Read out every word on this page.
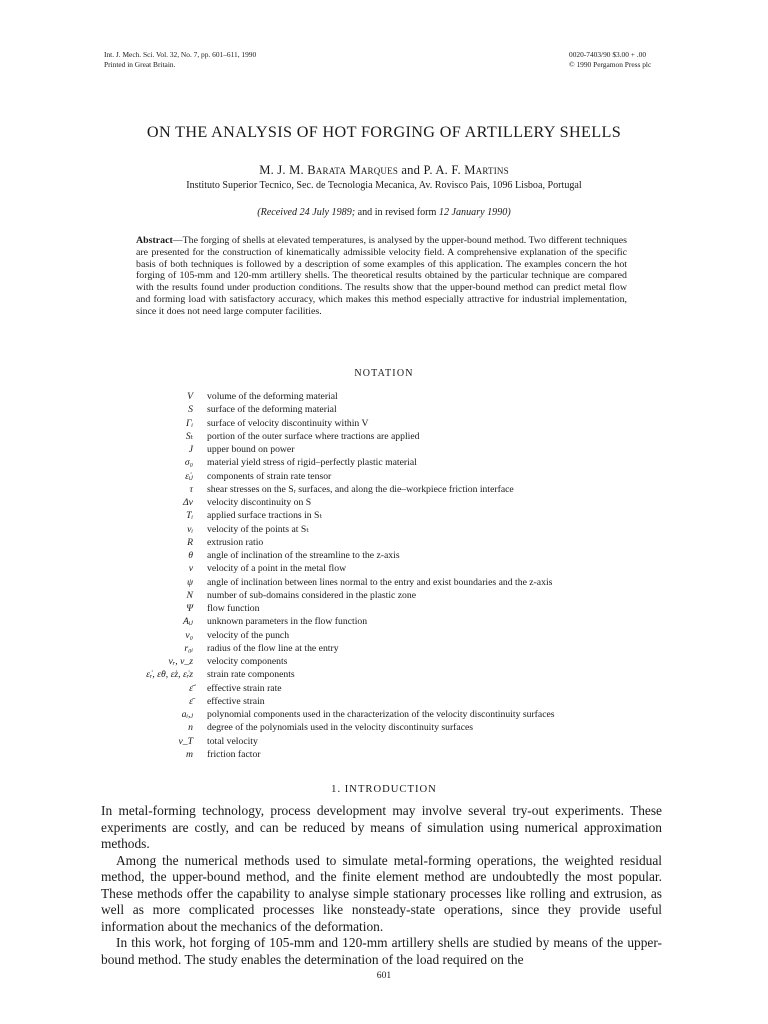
Int. J. Mech. Sci. Vol. 32, No. 7, pp. 601–611, 1990
Printed in Great Britain.
0020-7403/90 $3.00 + .00
© 1990 Pergamon Press plc
ON THE ANALYSIS OF HOT FORGING OF ARTILLERY SHELLS
M. J. M. Barata Marques and P. A. F. Martins
Instituto Superior Tecnico, Sec. de Tecnologia Mecanica, Av. Rovisco Pais, 1096 Lisboa, Portugal
(Received 24 July 1989; and in revised form 12 January 1990)
Abstract—The forging of shells at elevated temperatures, is analysed by the upper-bound method. Two different techniques are presented for the construction of kinematically admissible velocity field. A comprehensive explanation of the specific basis of both techniques is followed by a description of some examples of this application. The examples concern the hot forging of 105-mm and 120-mm artillery shells. The theoretical results obtained by the particular technique are compared with the results found under production conditions. The results show that the upper-bound method can predict metal flow and forming load with satisfactory accuracy, which makes this method especially attractive for industrial implementation, since it does not need large computer facilities.
NOTATION
V	volume of the deforming material
S	surface of the deforming material
Γᵢ	surface of velocity discontinuity within V
Sₜ	portion of the outer surface where tractions are applied
J	upper bound on power
σ₀	material yield stress of rigid–perfectly plastic material
ε̇ᵢⱼ	components of strain rate tensor
τ	shear stresses on the Sᵣ surfaces, and along the die–workpiece friction interface
Δv	velocity discontinuity on S
Tᵢ	applied surface tractions in Sₜ
vᵢ	velocity of the points at Sₜ
R	extrusion ratio
θ	angle of inclination of the streamline to the z-axis
v	velocity of a point in the metal flow
ψ	angle of inclination between lines normal to the entry and exist boundaries and the z-axis
N	number of sub-domains considered in the plastic zone
Ψ	flow function
Aᵢⱼ	unknown parameters in the flow function
v₀	velocity of the punch
r₀ᵢ	radius of the flow line at the entry
vᵣ, v_z	velocity components
ε̇ᵣ, ε̇θ, ε̇z, ε̇ᵣz	strain rate components
ε̄̇	effective strain rate
ε̄	effective strain
aᵢ,ⱼ	polynomial components used in the characterization of the velocity discontinuity surfaces
n	degree of the polynomials used in the velocity discontinuity surfaces
v_T	total velocity
m	friction factor
1. INTRODUCTION

In metal-forming technology, process development may involve several try-out experiments. These experiments are costly, and can be reduced by means of simulation using numerical approximation methods.

Among the numerical methods used to simulate metal-forming operations, the weighted residual method, the upper-bound method, and the finite element method are undoubtedly the most popular. These methods offer the capability to analyse simple stationary processes like rolling and extrusion, as well as more complicated processes like nonsteady-state operations, since they provide useful information about the mechanics of the deformation.

In this work, hot forging of 105-mm and 120-mm artillery shells are studied by means of the upper-bound method. The study enables the determination of the load required on the

601
